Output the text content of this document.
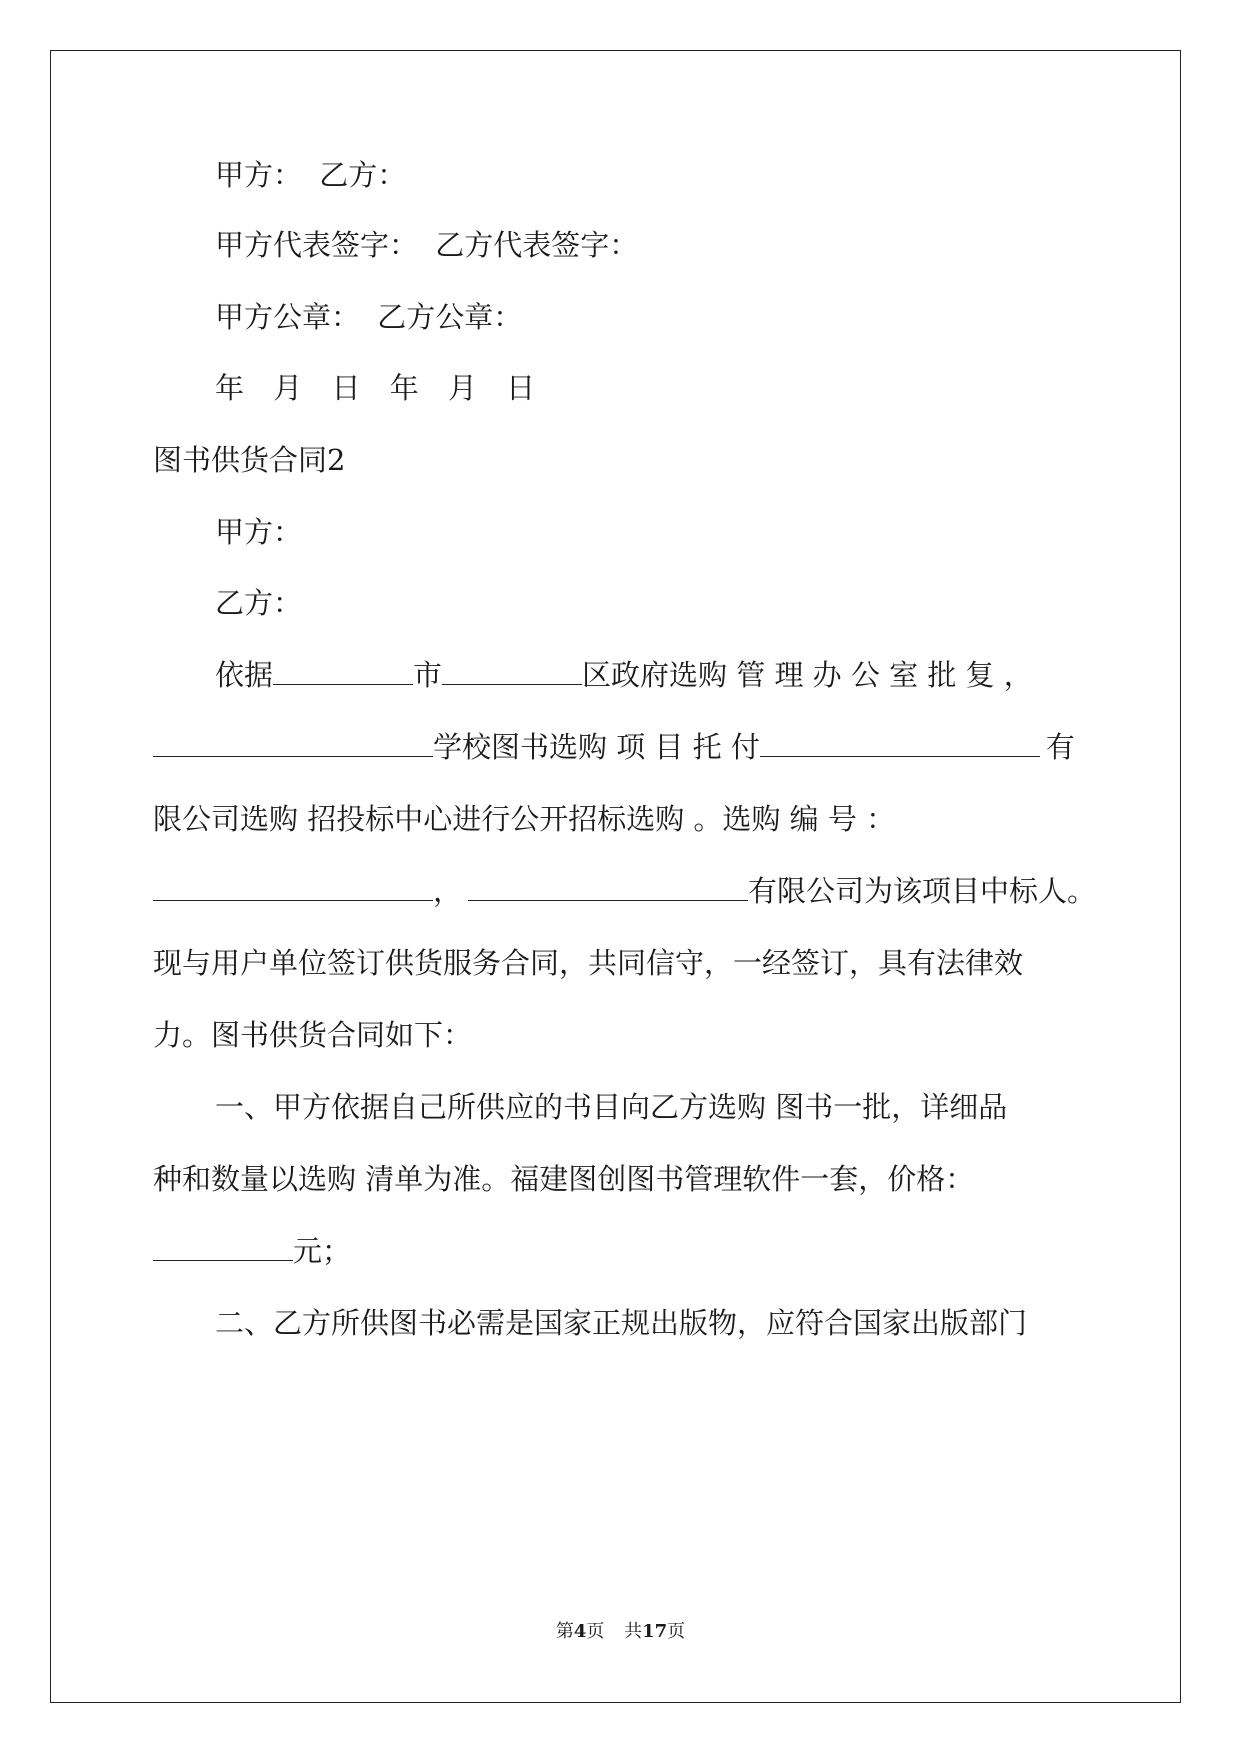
甲方： 乙方：
甲方代表签字： 乙方代表签字：
甲方公章： 乙方公章：
年 月 日 年 月 日
图书供货合同2
甲方：
乙方：
依据	市	区政府选购 管 理 办 公 室 批 复 ，
学校图书选购 项 目 托 付	有
限公司选购 招投标中心进行公开招标选购 。选购 编 号 ：
，	有限公司为该项目中标人。
现与用户单位签订供货服务合同，共同信守，一经签订，具有法律效
力。图书供货合同如下：
一、甲方依据自己所供应的书目向乙方选购 图书一批，详细品
种和数量以选购 清单为准。福建图创图书管理软件一套，价格：
元；
二、乙方所供图书必需是国家正规出版物，应符合国家出版部门
第4页 共17页
